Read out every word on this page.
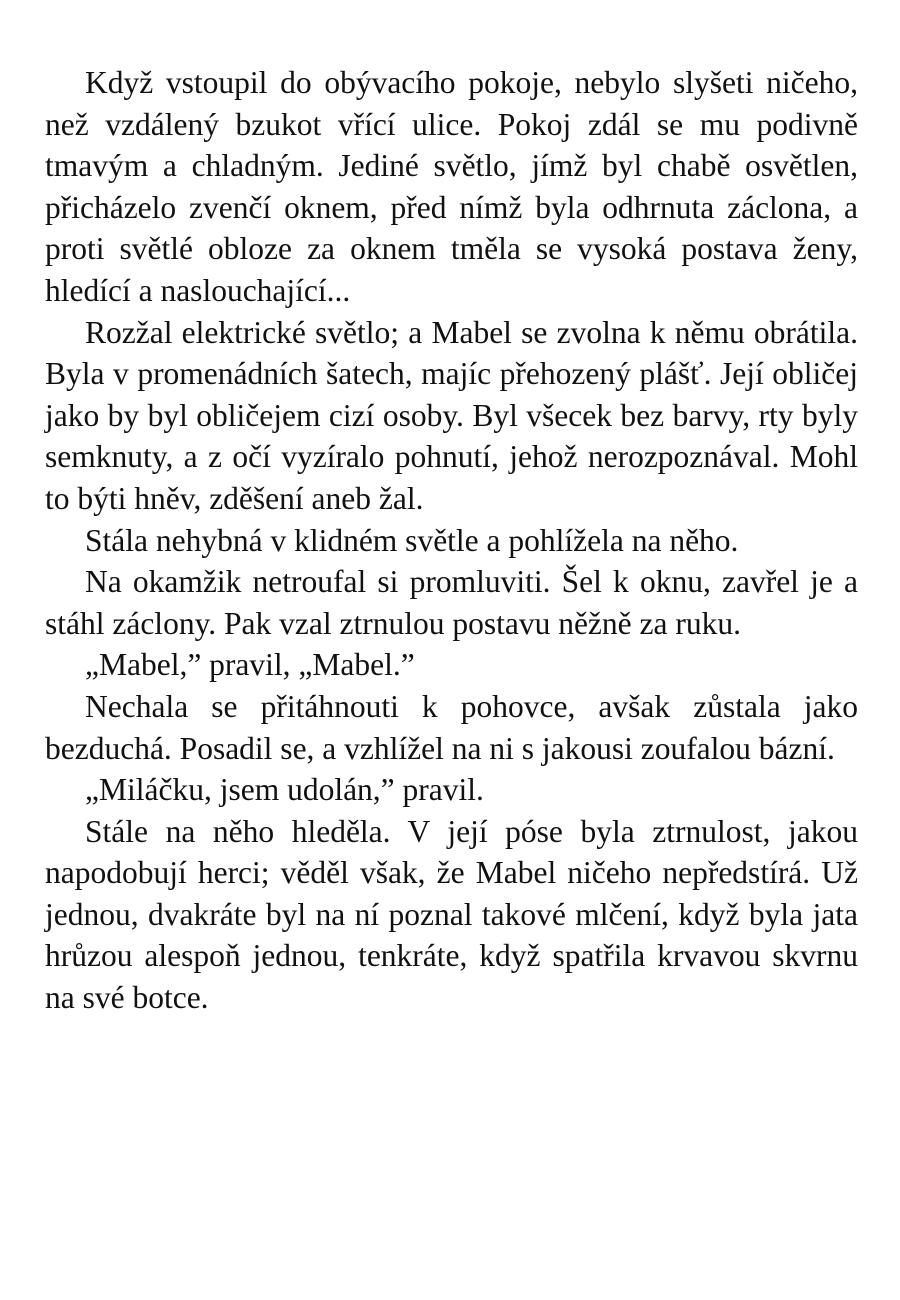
Když vstoupil do obývacího pokoje, nebylo slyšeti ničeho, než vzdálený bzukot vřící ulice. Pokoj zdál se mu podivně tmavým a chladným. Jediné světlo, jímž byl chabě osvětlen, přicházelo zvenčí oknem, před nímž byla odhrnuta záclona, a proti světlé obloze za oknem tměla se vysoká postava ženy, hledící a naslouchající...

Rozžal elektrické světlo; a Mabel se zvolna k němu obrátila. Byla v promenádních šatech, majíc přehozený plášť. Její obličej jako by byl obličejem cizí osoby. Byl všecek bez barvy, rty byly semknuty, a z očí vyzíralo pohnutí, jehož nerozpoznával. Mohl to býti hněv, zděšení aneb žal.

Stála nehybná v klidném světle a pohlížela na něho.

Na okamžik netroufal si promluviti. Šel k oknu, zavřel je a stáhl záclony. Pak vzal ztrnulou postavu něžně za ruku.

„Mabel,” pravil, „Mabel.”

Nechala se přitáhnouti k pohovce, avšak zůstala jako bezduchá. Posadil se, a vzhlížel na ni s jakousi zoufalou bázní.

„Miláčku, jsem udolán,” pravil.

Stále na něho hleděla. V její póse byla ztrnulost, jakou napodobují herci; věděl však, že Mabel ničeho nepředstírá. Už jednou, dvakráte byl na ní poznal takové mlčení, když byla jata hrůzou alespoň jednou, tenkráte, když spatřila krvavou skvrnu na své botce.
